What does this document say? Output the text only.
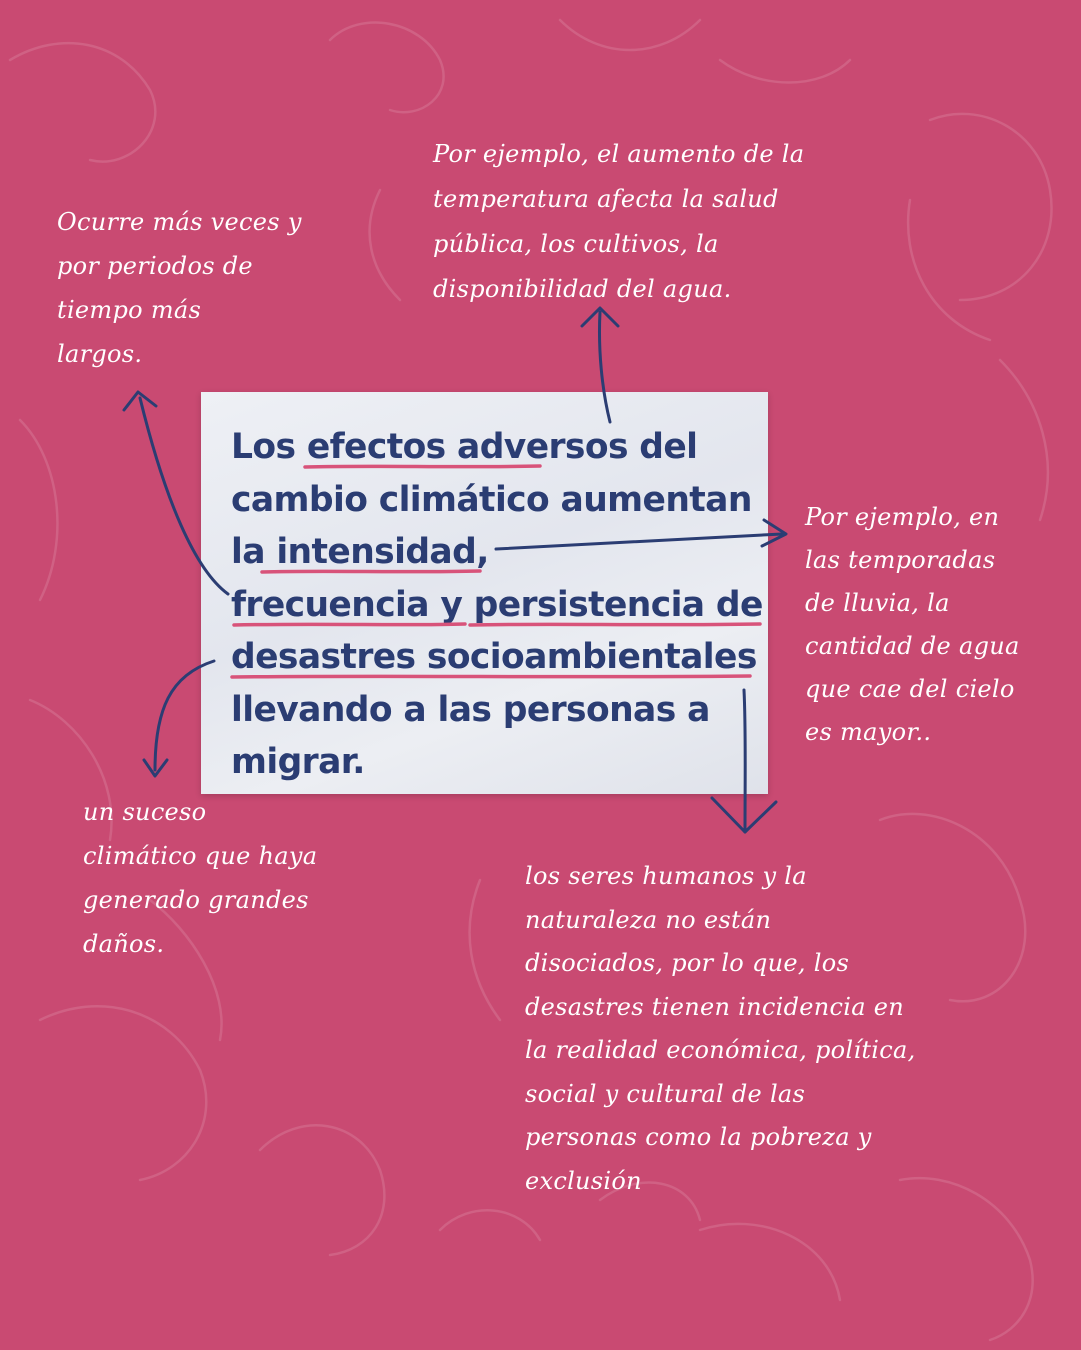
Los efectos adversos del
cambio climático aumentan
la intensidad,
frecuencia y persistencia de
desastres socioambientales
llevando a las personas a
migrar.

Ocurre más veces y
por periodos de
tiempo más
largos.
Por ejemplo, el aumento de la
temperatura afecta la salud
pública, los cultivos, la
disponibilidad del agua.
Por ejemplo, en
las temporadas
de lluvia, la
cantidad de agua
que cae del cielo
es mayor..
un suceso
climático que haya
generado grandes
daños.
los seres humanos y la
naturaleza no están
disociados, por lo que, los
desastres tienen incidencia en
la realidad económica, política,
social y cultural de las
personas como la pobreza y
exclusión
